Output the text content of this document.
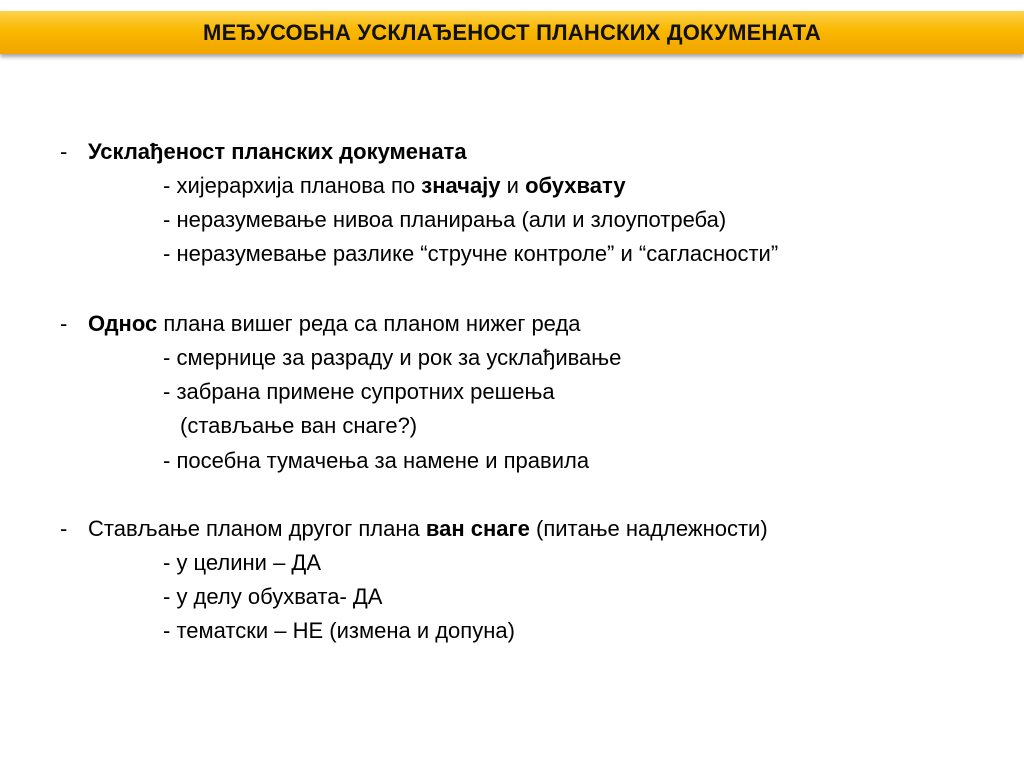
МЕЂУСОБНА УСКЛАЂЕНОСТ ПЛАНСКИХ ДОКУМЕНАТА
- Усклађеност планских докумената
- хијерархија планова по значају и обухвату
- неразумевање нивоа планирања (али и злоупотреба)
- неразумевање разлике “стручне контроле” и “сагласности”
- Однос плана вишег реда са планом нижег реда
- смернице за разраду и рок за усклађивање
- забрана примене супротних решења
(стављање ван снаге?)
- посебна тумачења за намене и правила
- Стављање планом другог плана ван снаге (питање надлежности)
- у целини – ДА
- у делу обухвата- ДА
- тематски – НЕ (измена и допуна)
